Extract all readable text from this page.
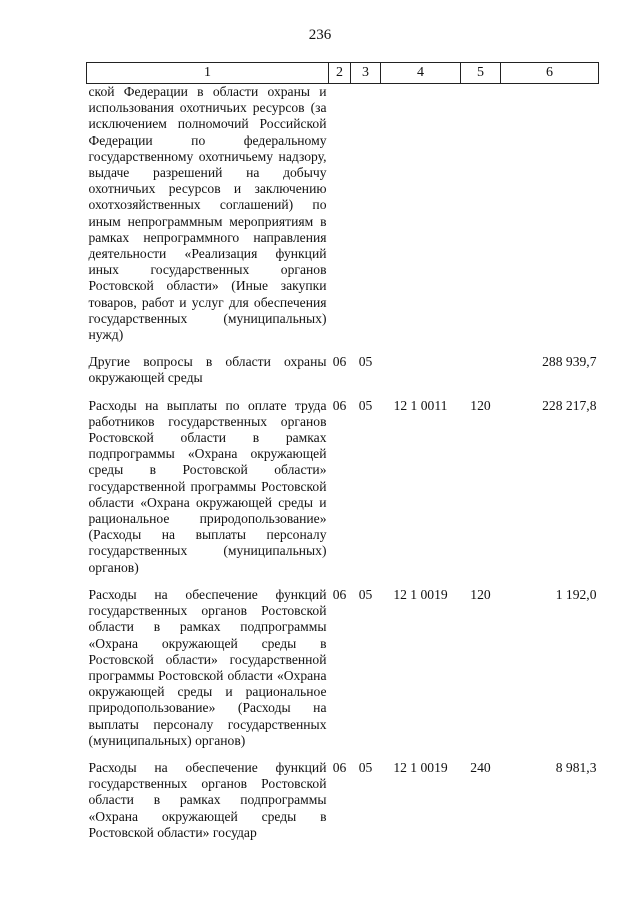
236
1	2	3	4	5	6
ской Федерации в области охраны и использования охотничьих ресурсов (за исключением полномочий Российской Федерации по федеральному государственному охотничьему надзору, выдаче разрешений на добычу охотничьих ресурсов и заключению охотхозяйственных соглашений) по иным непрограммным мероприятиям в рамках непрограммного направления деятельности «Реализация функций иных государственных органов Ростовской области» (Иные закупки товаров, работ и услуг для обеспечения государственных (муниципальных) нужд)					
Другие вопросы в области охраны окружающей среды	06	05			288 939,7
Расходы на выплаты по оплате труда работников государственных органов Ростовской области в рамках подпрограммы «Охрана окружающей среды в Ростовской области» государственной программы Ростовской области «Охрана окружающей среды и рациональное природопользование» (Расходы на выплаты персоналу государственных (муниципальных) органов)	06	05	12 1 0011	120	228 217,8
Расходы на обеспечение функций государственных органов Ростовской области в рамках подпрограммы «Охрана окружающей среды в Ростовской области» государственной программы Ростовской области «Охрана окружающей среды и рациональное природопользование» (Расходы на выплаты персоналу государственных (муниципальных) органов)	06	05	12 1 0019	120	1 192,0
Расходы на обеспечение функций государственных органов Ростовской области в рамках подпрограммы «Охрана окружающей среды в Ростовской области» государ	06	05	12 1 0019	240	8 981,3
